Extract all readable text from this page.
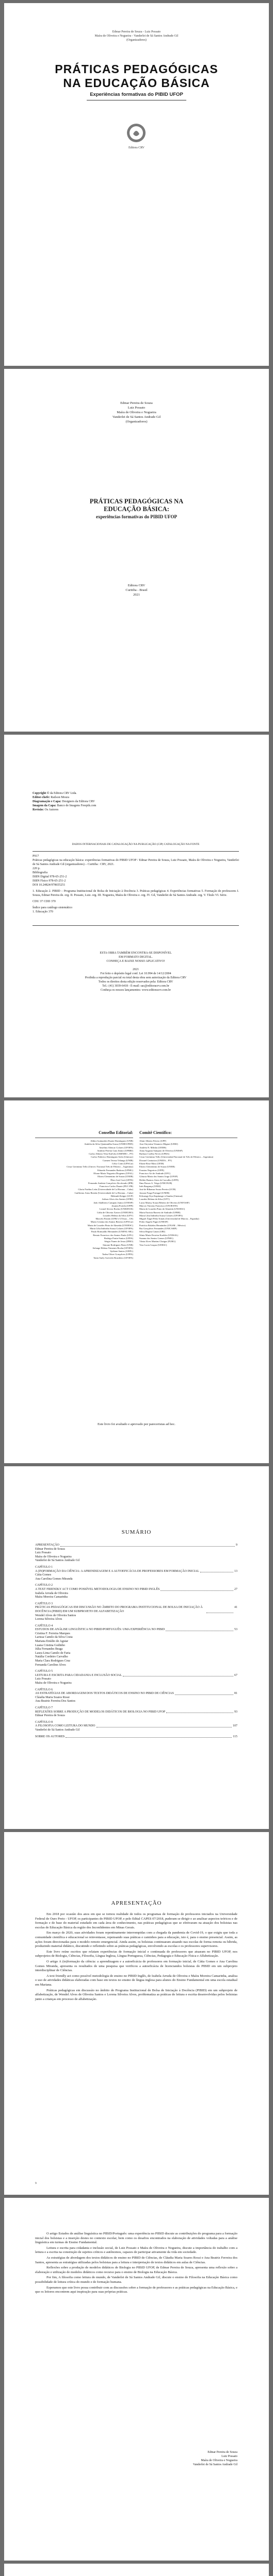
Edmar Pereira de Souza - Luiz Possato
Maíra de Oliveira e Nogueira - Vanderlei de Sá Santos Andrade Gil
(Organizadores)
PRÁTICAS PEDAGÓGICAS
NA EDUCAÇÃO BÁSICA
Experiências formativas do PIBID UFOP
Editora CRV
Edmar Pereira de Souza
Luiz Possato
Maíra de Oliveira e Nogueira
Vanderlei de Sá Santos Andrade Gil
(Organizadores)
PRÁTICAS PEDAGÓGICAS NA EDUCAÇÃO BÁSICA:
experiências formativas do PIBID UFOP
Editora CRV
Curitiba - Brasil
2021
Copyright © da Editora CRV Ltda.
Editor-chefe: Railson Moura
Diagramação e Capa: Designers da Editora CRV
Imagem da Capa: Banco de Imagens Freepik.com
Revisão: Os Autores
DADOS INTERNACIONAIS DE CATALOGAÇÃO NA PUBLICAÇÃO (CIP) CATALOGAÇÃO NA FONTE
P917
Práticas pedagógicas na educação básica: experiências formativas do PIBID UFOP / Edmar Pereira de Souza, Luiz Possato, Maíra de Oliveira e Nogueira, Vanderlei de Sá Santos Andrade Gil (organizadores) – Curitiba : CRV, 2021.
220 p.
Bibliografia
ISBN Digital 978-65-251-2
ISBN Físico 978-65-251-2
DOI 10.24824/978655251
1. Educação 2. PIBID – Programa Institucional de Bolsa de Iniciação à Docência 3. Práticas pedagógicas 4. Experiências formativas 5. Formação de professores I. Souza, Edmar Pereira de. org. II. Possato, Luiz. org. III. Nogueira, Maíra de Oliveira e. org. IV. Gil, Vanderlei de Sá Santos Andrade. org. V. Título VI. Série.
CDU 37 CDD 370
Índice para catálogo sistemático
1. Educação 370
ESTA OBRA TAMBÉM ENCONTRA-SE DISPONÍVEL
EM FORMATO DIGITAL.
CONHEÇA E BAIXE NOSSO APLICATIVO!
2021
Foi feito o depósito legal conf. Lei 10.994 de 14/12/2004
Proibida a reprodução parcial ou total desta obra sem autorização da Editora CRV
Todos os direitos desta edição reservados pela: Editora CRV
Tel.: (41) 3039-6418 - E-mail: sac@editoracrv.com.br
Conheça os nossos lançamentos: www.editoracrv.com.br
Conselho Editorial:
Aldira Guimarães Duarte Domínguez (UNB)
Andréia da Silva Quintanilha Sousa (UNIR/UFRN)
Anselmo Alencar Colares (UFOPA)
Antônio Pereira Gaio Júnior (UFRRJ)
Carlos Alberto Vilar Estêvão (UMINHO – PT)
Carlos Federico Dominguez Avila (Unieuro)
Carmen Tereza Velanga (UNIR)
Celso Conti (UFSCar)
Cesar Gerónimo Tello (Univer. Nacional Três de Febrero – Argentina)
Eduardo Fernandes Barbosa (UFMG)
Elione Maria Nogueira Diogenes (UFAL)
Elizeu Clementino de Souza (UNEB)
Élsio José Corá (UFFS)
Fernando Antônio Gonçalves Alcoforado (IPB)
Francisco Carlos Duarte (PUC-PR)
Gloria Fariñas León (Universidade de La Havana – Cuba)
Guillermo Arias Beatón (Universidade de La Havana – Cuba)
Helmuth Krüger (UCP)
Jailson Alves dos Santos (UFRJ)
João Adalberto Campato Junior (UNESP)
Josania Portela (UFPI)
Leonel Severo Rocha (UNISINOS)
Lídia de Oliveira Xavier (UNIEURO)
Lourdes Helena da Silva (UFV)
Marcelo Paixão (UFRJ e UTexas – US)
Maria Cristina dos Santos Bezerra (UFSCar)
Maria de Lourdes Pinto de Almeida (UNOESC)
Maria Lília Imbiriba Sousa Colares (UFOPA)
Paulo Romualdo Hernandes (UNIFAL-MG)
Renato Francisco dos Santos Paula (UFG)
Rodrigo Pratte-Santos (UFES)
Sérgio Nunes de Jesus (IFRO)
Simone Rodrigues Pinto (UNB)
Solange Helena Ximenes-Rocha (UFOPA)
Sydione Santos (UEPG)
Tadeu Oliver Gonçalves (UFPA)
Tania Suely Azevedo Brasileiro (UFOPA)
Comitê Científico:
Altair Alberto Fávero (UPF)
Ana Chrystina Venancio Mignot (UERJ)
Andréia N. Militão (UEMS)
Anna Augusta Sampaio de Oliveira (UNESP)
Barbara Coelho Neves (UFBA)
Cesar Gerónimo Tello (Universidad Nacional de Três de Febrero – Argentina)
Diosnel Centurion (UNIDA – PY)
Eliane Rose Maio (UEM)
Elizeu Clementino de Souza (UNEB)
Fauston Negreiros (UFPI)
Francisco Ari de Andrade (UFC)
Gláucia Maria dos Santos Jorge (UFOP)
Helder Buenos Aires de Carvalho (UFPI)
Ilma Passos A. Veiga (UNICEUB)
Inês Bragança (UERJ)
José de Ribamar Sousa Pereira (UCB)
Jussara Fraga Portugal (UNEB)
Kilwangy Kya Kapitango-a-Samba (Unemat)
Lourdes Helena da Silva (UFV)
Lucia Marisy Souza Ribeiro de Oliveira (UNIVASF)
Marcos Vinicius Francisco (UNOESTE)
Maria de Lourdes Pinto de Almeida (UNOESC)
Maria Eurácia Barreto de Andrade (UFRB)
Maria Lília Imbiriba Sousa Colares (UFOPA)
Míguel Ángel Peña Tomás (Universidad de Murcia – Espanha)
Pedro Angelo Pagni (UNESP)
Partrícia Bolaños Hernández (UNAM – México)
Rui Gonçalves Fernandes (UNICAMP)
Silvia Regina Canan (URI)
Sônia Maria Ferreira Koehler (UNISAL)
Suzana dos Santos Gomes (UFMG)
Vânia Alves Martins Chaigar (FURG)
Vera Lucia Gaspar (UDESC)
Este livro foi avaliado e aprovado por pareceristas ad hoc.
SUMÁRIO
APRESENTAÇÃO	9
Edmar Pereira de Souza
Luiz Possato
Maíra de Oliveira e Nogueira
Vanderlei de Sá Santos Andrade Gil
CAPÍTULO 1
A (IN)FORMAÇÃO DA CIÊNCIA: A APRENDIZAGEM E A AUTOEFICÁCIA DE PROFESSORES EM FORMAÇÃO INICIAL	13
Cátia Gomes
Ana Carolina Gomes Miranda
CAPÍTULO 2
A TEXT FRIENDLY ACT COMO POSSÍVEL METODOLOGIA DE ENSINO NO PIBID INGLÊS	27
Izabela Arruda de Oliveira
Maíra Moreira Camarinha
CAPÍTULO 3
PRÁTICAS PEDAGÓGICAS EM DISCUSSÃO NO ÂMBITO DO PROGRAMA INSTITUCIONAL DE BOLSA DE INICIAÇÃO À DOCÊNCIA (PIBID) EM UM SUBPROJETO DE ALFABETIZAÇÃO
41
Wendel Alves de Oliveira Santos
Lorena Silveira Alves
CAPÍTULO 4
ESTUDOS DE ANÁLISE LINGUÍSTICA NO PIBID/PORTUGUÊS: UMA EXPERIÊNCIA NO PIBID	53
Cristina F. Ferreira Marques
Larissa Camilo da Silva Costa
Mariana Emídio de Aguiar
Luana Cristina Godinho
Júlia Fernandes Braga
Laura Lima Camilo de Faria
Natália Cordeiro Carvalho
Maria Clara Rodrigues Cruz
Fernanda Caroline Alves
CAPÍTULO 5
LEITURA E ESCRITA PARA CIDADANIA E INCLUSÃO SOCIAL	67
Luiz Possato
Maíra de Oliveira e Nogueira
CAPÍTULO 6
AS ESTRATÉGIAS DE ABORDAGEM DOS TEXTOS DIDÁTICOS DE ENSINO NO PIBID DE CIÊNCIAS	81
Cláudia Maria Soares Rossi
Ana Beatriz Ferreira Dos Santos
CAPÍTULO 7
REFLEXÕES SOBRE A PRODUÇÃO DE MODELOS DIDÁTICOS DE BIOLOGIA NO PIBID UFOP	93
Edmar Pereira de Souza
CAPÍTULO 8
A FILOSOFIA COMO LEITURA DO MUNDO	107
Vanderlei de Sá Santos Andrade Gil
SOBRE OS AUTORES	115
APRESENTAÇÃO

Em 2018 por ocasião dos anos em que se tornou realidade de todos os programas de formação de professores iniciados na Universidade Federal de Ouro Preto - UFOP, os participantes do PIBID UFOP, e pelo Edital CAPES 07/2018, puderam se dirigir e ao analisar aspectos teóricos e de formação e de base do material estudado em cada área de conhecimento, nas práticas pedagógicas que se efetivaram na atuação dos bolsistas nas escolas de Educação Básica da região dos Inconfidentes em Minas Gerais.

Em março de 2020, suas atividades foram repentinamente interrompidas com a chegada da pandemia de Covid-19, o que exigiu que toda a comunidade científica e educacional se reinventasse, repensando suas práticas e caminhos para a educação, isto é, para o ensino presencial. Assim, as ações foram direcionadas para o modelo remoto emergencial. Ainda assim, os bolsistas continuaram atuando nas escolas de forma remota ou híbrida, produzindo material didático, discutindo e refletindo sobre as práticas pedagógicas, envolvendo as escolas e os professores supervisores.

Este livro reúne escritos que relatam experiências de formação inicial e continuada de professores que atuaram no PIBID UFOP, nos subprojetos de Biologia, Ciências, Filosofia, Língua Inglesa, Língua Portuguesa, Ciências, Pedagogia e Educação Física e Alfabetização.

O artigo A (in)formação da ciência: a aprendizagem e a autoeficácia de professores em formação inicial, de Cátia Gomes e Ana Carolina Gomes Miranda, apresenta os resultados de uma pesquisa que verificou a autoeficácia de licenciandos bolsistas do PIBID em um subprojeto interdisciplinar de Ciências.

A text friendly act como possível metodologia de ensino no PIBID Inglês, de Izabela Arruda de Oliveira e Maíra Moreira Camarinha, analisa o uso de atividades didáticas elaboradas com base em textos no ensino de língua inglesa para alunos do Ensino Fundamental em uma escola estadual em Mariana.

Práticas pedagógicas em discussão no âmbito do Programa Institucional de Bolsa de Iniciação à Docência (PIBID) em um subprojeto de alfabetização, de Wendel Alves de Oliveira Santos e Lorena Silveira Alves, problematiza as práticas de leitura e escrita desenvolvidas pelos bolsistas junto a crianças em processo de alfabetização.

9

O artigo Estudos de análise linguística no PIBID/Português: uma experiência no PIBID discute as contribuições do programa para a formação inicial dos bolsistas e a inserção destes no contexto escolar, bem como os desafios encontrados na elaboração de atividades voltadas para a análise linguística em turmas de Ensino Fundamental.

Leitura e escrita para cidadania e inclusão social, de Luiz Possato e Maíra de Oliveira e Nogueira, discute a importância do trabalho com a leitura e a escrita na construção de sujeitos críticos e autônomos, capazes de participar ativamente da vida em sociedade.

As estratégias de abordagem dos textos didáticos de ensino no PIBID de Ciências, de Cláudia Maria Soares Rossi e Ana Beatriz Ferreira dos Santos, apresenta as estratégias utilizadas pelos bolsistas para a leitura e interpretação de textos didáticos em aulas de Ciências.

Reflexões sobre a produção de modelos didáticos de Biologia no PIBID UFOP, de Edmar Pereira de Souza, apresenta uma reflexão sobre a elaboração e utilização de modelos didáticos como recurso para o ensino de Biologia na Educação Básica.

Por fim, A filosofia como leitura do mundo, de Vanderlei de Sá Santos Andrade Gil, discute o ensino de Filosofia na Educação Básica como possibilidade de leitura crítica do mundo e de formação humana.

Esperamos que este livro possa contribuir com as discussões sobre a formação de professores e as práticas pedagógicas na Educação Básica, e que os leitores encontrem aqui inspiração para suas próprias práticas.

Edmar Pereira de Souza
Luiz Possato
Maíra de Oliveira e Nogueira
Vanderlei de Sá Santos Andrade Gil
